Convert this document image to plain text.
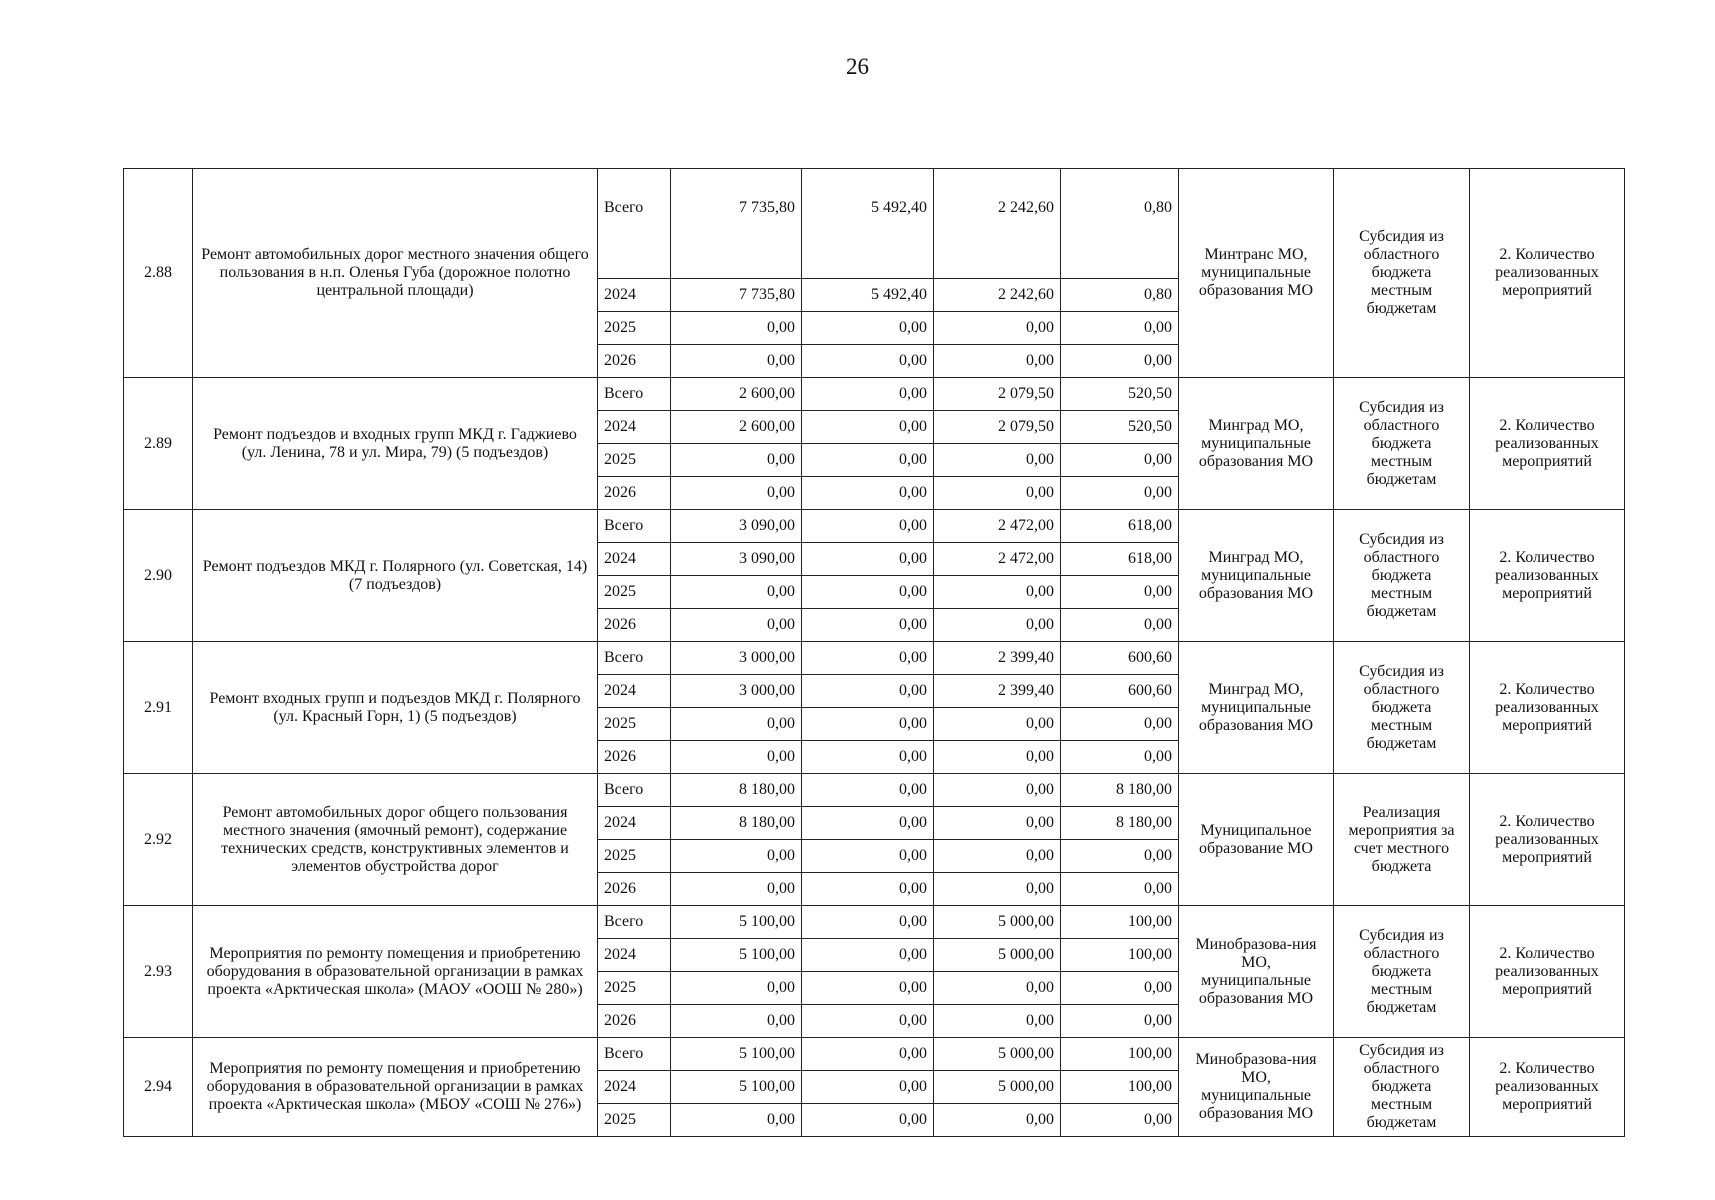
26
2.88	Ремонт автомобильных дорог местного значения общего пользования в н.п. Оленья Губа (дорожное полотно центральной площади)	Всего	7 735,80	5 492,40	2 242,60	0,80	Минтранс МО, муниципальные образования МО	Субсидия из областного бюджета местным бюджетам	2. Количество реализованных мероприятий
		2024	7 735,80	5 492,40	2 242,60	0,80			
		2025	0,00	0,00	0,00	0,00			
		2026	0,00	0,00	0,00	0,00			
2.89	Ремонт подъездов и входных групп МКД г. Гаджиево (ул. Ленина, 78 и ул. Мира, 79) (5 подъездов)	Всего	2 600,00	0,00	2 079,50	520,50	Минград МО, муниципальные образования МО	Субсидия из областного бюджета местным бюджетам	2. Количество реализованных мероприятий
		2024	2 600,00	0,00	2 079,50	520,50			
		2025	0,00	0,00	0,00	0,00			
		2026	0,00	0,00	0,00	0,00			
2.90	Ремонт подъездов МКД г. Полярного (ул. Советская, 14) (7 подъездов)	Всего	3 090,00	0,00	2 472,00	618,00	Минград МО, муниципальные образования МО	Субсидия из областного бюджета местным бюджетам	2. Количество реализованных мероприятий
		2024	3 090,00	0,00	2 472,00	618,00			
		2025	0,00	0,00	0,00	0,00			
		2026	0,00	0,00	0,00	0,00			
2.91	Ремонт входных групп и подъездов МКД г. Полярного (ул. Красный Горн, 1) (5 подъездов)	Всего	3 000,00	0,00	2 399,40	600,60	Минград МО, муниципальные образования МО	Субсидия из областного бюджета местным бюджетам	2. Количество реализованных мероприятий
		2024	3 000,00	0,00	2 399,40	600,60			
		2025	0,00	0,00	0,00	0,00			
		2026	0,00	0,00	0,00	0,00			
2.92	Ремонт автомобильных дорог общего пользования местного значения (ямочный ремонт), содержание технических средств, конструктивных элементов и элементов обустройства дорог	Всего	8 180,00	0,00	0,00	8 180,00	Муниципальное образование МО	Реализация мероприятия за счет местного бюджета	2. Количество реализованных мероприятий
		2024	8 180,00	0,00	0,00	8 180,00			
		2025	0,00	0,00	0,00	0,00			
		2026	0,00	0,00	0,00	0,00			
2.93	Мероприятия по ремонту помещения и приобретению оборудования в образовательной организации в рамках проекта «Арктическая школа» (МАОУ «ООШ № 280»)	Всего	5 100,00	0,00	5 000,00	100,00	Минобразова-ния МО, муниципальные образования МО	Субсидия из областного бюджета местным бюджетам	2. Количество реализованных мероприятий
		2024	5 100,00	0,00	5 000,00	100,00			
		2025	0,00	0,00	0,00	0,00			
		2026	0,00	0,00	0,00	0,00			
2.94	Мероприятия по ремонту помещения и приобретению оборудования в образовательной организации в рамках проекта «Арктическая школа» (МБОУ «СОШ № 276»)	Всего	5 100,00	0,00	5 000,00	100,00	Минобразова-ния МО, муниципальные образования МО	Субсидия из областного бюджета местным бюджетам	2. Количество реализованных мероприятий
		2024	5 100,00	0,00	5 000,00	100,00			
		2025	0,00	0,00	0,00	0,00			
